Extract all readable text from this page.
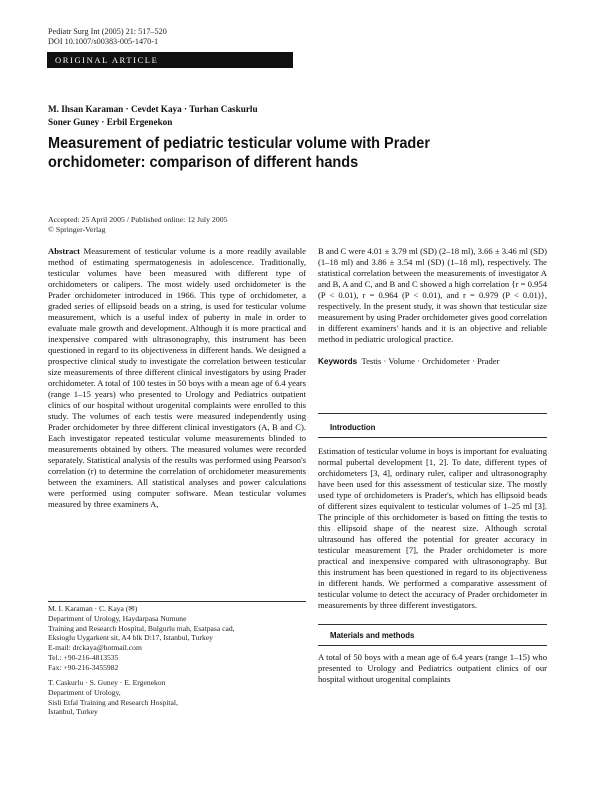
Pediatr Surg Int (2005) 21: 517–520
DOI 10.1007/s00383-005-1470-1
ORIGINAL ARTICLE
M. Ihsan Karaman · Cevdet Kaya · Turhan Caskurlu
Soner Guney · Erbil Ergenekon
Measurement of pediatric testicular volume with Prader orchidometer: comparison of different hands
Accepted: 25 April 2005 / Published online: 12 July 2005
© Springer-Verlag

Abstract Measurement of testicular volume is a more readily available method of estimating spermatogenesis in adolescence. Traditionally, testicular volumes have been measured with different type of orchidometers or calipers. The most widely used orchidometer is the Prader orchidometer introduced in 1966. This type of orchidometer, a graded series of ellipsoid beads on a string, is used for testicular volume measurement, which is a useful index of puberty in male in order to evaluate male growth and development. Although it is more practical and inexpensive compared with ultrasonography, this instrument has been questioned in regard to its objectiveness in different hands. We designed a prospective clinical study to investigate the correlation between testicular size measurements of three different clinical investigators by using Prader orchidometer. A total of 100 testes in 50 boys with a mean age of 6.4 years (range 1–15 years) who presented to Urology and Pediatrics outpatient clinics of our hospital without urogenital complaints were enrolled to this study. The volumes of each testis were measured independently using Prader orchidometer by three different clinical investigators (A, B and C). Each investigator repeated testicular volume measurements blinded to measurements obtained by others. The measured volumes were recorded separately. Statistical analysis of the results was performed using Pearson's correlation (r) to determine the correlation of orchidometer measurements between the examiners. All statistical analyses and power calculations were performed using computer software. Mean testicular volumes measured by three examiners A,

M. I. Karaman · C. Kaya (✉)
Department of Urology, Haydarpasa Numune
Training and Research Hospital, Bulgurlu mah, Esatpasa cad,
Eksioglu Uygarkent sit, A4 blk D:17, Istanbul, Turkey
E-mail: drckaya@hotmail.com
Tel.: +90-216-4813535
Fax: +90-216-3455982
T. Caskurlu · S. Guney · E. Ergenekon
Department of Urology,
Sisli Etfal Training and Research Hospital,
Istanbul, Turkey

B and C were 4.01 ± 3.79 ml (SD) (2–18 ml), 3.66 ± 3.46 ml (SD) (1–18 ml) and 3.86 ± 3.54 ml (SD) (1–18 ml), respectively. The statistical correlation between the measurements of investigator A and B, A and C, and B and C showed a high correlation {r = 0.954 (P < 0.01), r = 0.964 (P < 0.01), and r = 0.979 (P < 0.01)}, respectively. In the present study, it was shown that testicular size measurement by using Prader orchidometer gives good correlation in different examiners' hands and it is an objective and reliable method in pediatric urological practice.

Keywords Testis · Volume · Orchidometer · Prader

Introduction
Estimation of testicular volume in boys is important for evaluating normal pubertal development [1, 2]. To date, different types of orchidometers [3, 4], ordinary ruler, caliper and ultrasonography have been used for this assessment of testicular size. The mostly used type of orchidometers is Prader's, which has ellipsoid beads of different sizes equivalent to testicular volumes of 1–25 ml [3]. The principle of this orchidometer is based on fitting the testis to this ellipsoid shape of the nearest size. Although scrotal ultrasound has offered the potential for greater accuracy in testicular measurement [7], the Prader orchidometer is more practical and inexpensive compared with ultrasonography. But this instrument has been questioned in regard to its objectiveness in different hands. We performed a comparative assessment of testicular volume to detect the accuracy of Prader orchidometer in measurements by three different investigators.
Materials and methods
A total of 50 boys with a mean age of 6.4 years (range 1–15) who presented to Urology and Pediatrics outpatient clinics of our hospital without urogenital complaints
